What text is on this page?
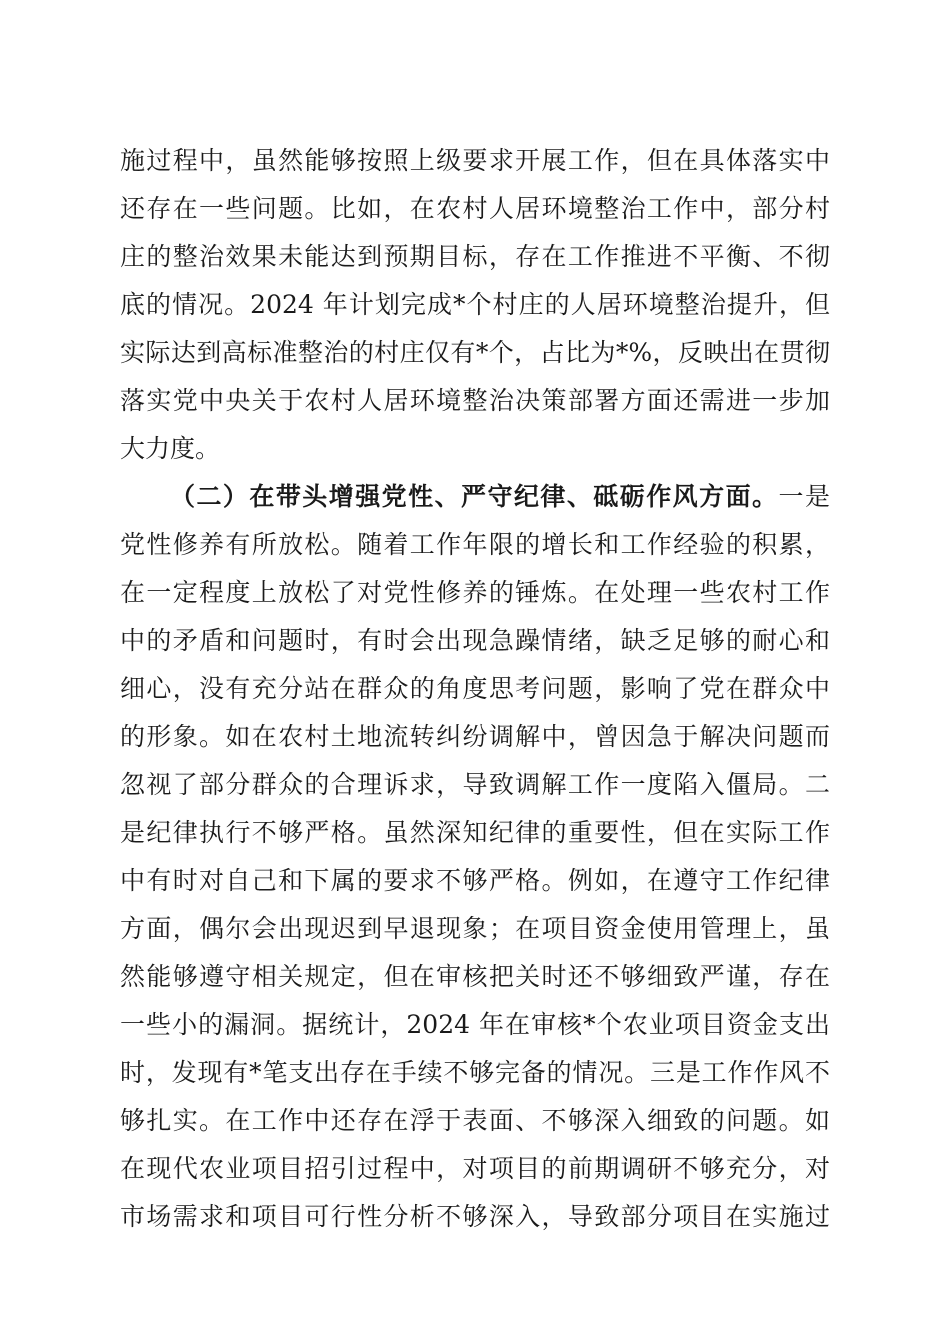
施过程中，虽然能够按照上级要求开展工作，但在具体落实中
还存在一些问题。比如，在农村人居环境整治工作中，部分村
庄的整治效果未能达到预期目标，存在工作推进不平衡、不彻
底的情况。2024 年计划完成*个村庄的人居环境整治提升，但
实际达到高标准整治的村庄仅有*个，占比为*%，反映出在贯彻
落实党中央关于农村人居环境整治决策部署方面还需进一步加
大力度。
（二）在带头增强党性、严守纪律、砥砺作风方面。一是
党性修养有所放松。随着工作年限的增长和工作经验的积累，
在一定程度上放松了对党性修养的锤炼。在处理一些农村工作
中的矛盾和问题时，有时会出现急躁情绪，缺乏足够的耐心和
细心，没有充分站在群众的角度思考问题，影响了党在群众中
的形象。如在农村土地流转纠纷调解中，曾因急于解决问题而
忽视了部分群众的合理诉求，导致调解工作一度陷入僵局。二
是纪律执行不够严格。虽然深知纪律的重要性，但在实际工作
中有时对自己和下属的要求不够严格。例如，在遵守工作纪律
方面，偶尔会出现迟到早退现象；在项目资金使用管理上，虽
然能够遵守相关规定，但在审核把关时还不够细致严谨，存在
一些小的漏洞。据统计，2024 年在审核*个农业项目资金支出
时，发现有*笔支出存在手续不够完备的情况。三是工作作风不
够扎实。在工作中还存在浮于表面、不够深入细致的问题。如
在现代农业项目招引过程中，对项目的前期调研不够充分，对
市场需求和项目可行性分析不够深入，导致部分项目在实施过
